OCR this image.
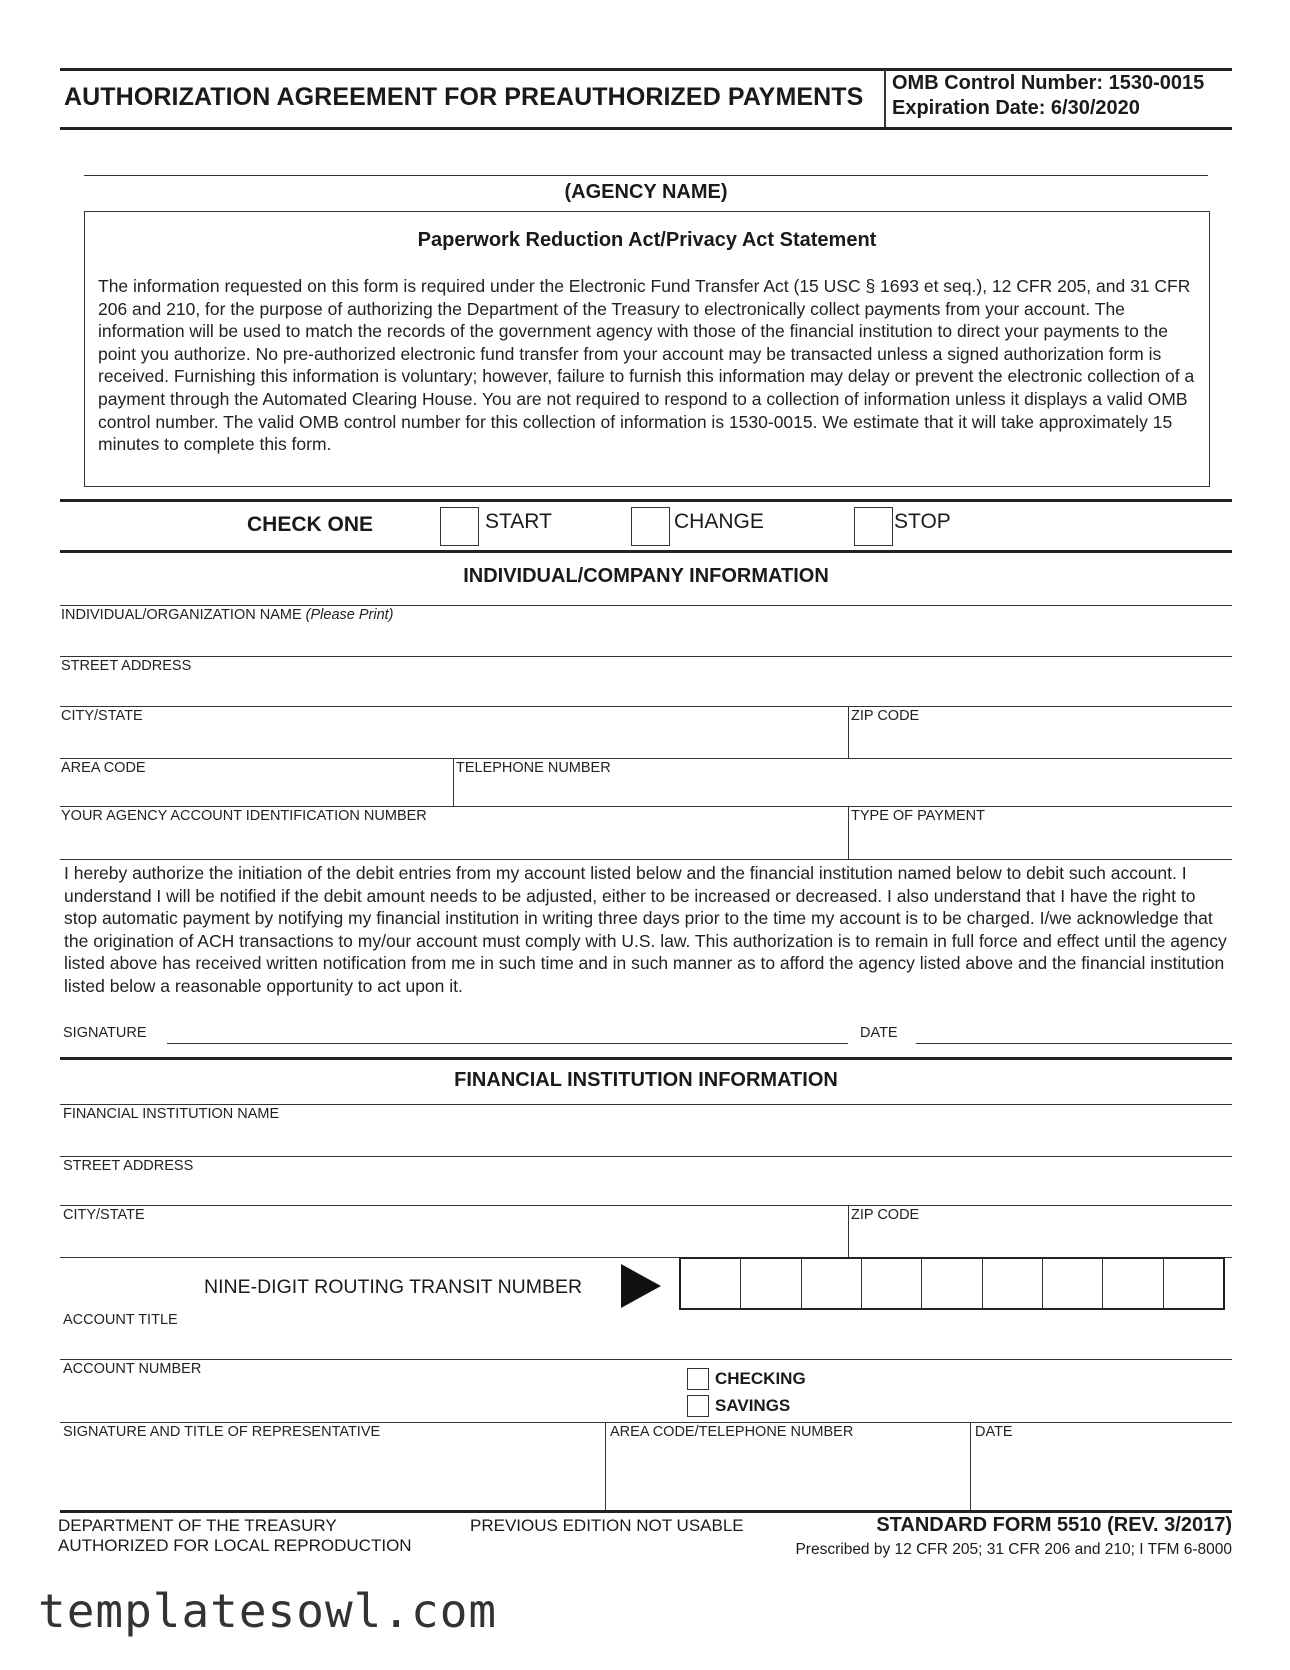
AUTHORIZATION AGREEMENT FOR PREAUTHORIZED PAYMENTS OMB Control Number: 1530-0015
Expiration Date: 6/30/2020
(AGENCY NAME)
Paperwork Reduction Act/Privacy Act Statement
The information requested on this form is required under the Electronic Fund Transfer Act (15 USC § 1693 et seq.), 12 CFR 205, and 31 CFR 206 and 210, for the purpose of authorizing the Department of the Treasury to electronically collect payments from your account. The information will be used to match the records of the government agency with those of the financial institution to direct your payments to the point you authorize. No pre-authorized electronic fund transfer from your account may be transacted unless a signed authorization form is received. Furnishing this information is voluntary; however, failure to furnish this information may delay or prevent the electronic collection of a payment through the Automated Clearing House. You are not required to respond to a collection of information unless it displays a valid OMB control number. The valid OMB control number for this collection of information is 1530-0015. We estimate that it will take approximately 15 minutes to complete this form.
CHECK ONE	START	CHANGE	STOP
INDIVIDUAL/COMPANY INFORMATION
INDIVIDUAL/ORGANIZATION NAME (Please Print)
STREET ADDRESS
CITY/STATE	ZIP CODE
AREA CODE	TELEPHONE NUMBER
YOUR AGENCY ACCOUNT IDENTIFICATION NUMBER	TYPE OF PAYMENT
I hereby authorize the initiation of the debit entries from my account listed below and the financial institution named below to debit such account. I understand I will be notified if the debit amount needs to be adjusted, either to be increased or decreased. I also understand that I have the right to stop automatic payment by notifying my financial institution in writing three days prior to the time my account is to be charged. I/we acknowledge that the origination of ACH transactions to my/our account must comply with U.S. law. This authorization is to remain in full force and effect until the agency listed above has received written notification from me in such time and in such manner as to afford the agency listed above and the financial institution listed below a reasonable opportunity to act upon it.
SIGNATURE	DATE
FINANCIAL INSTITUTION INFORMATION
FINANCIAL INSTITUTION NAME
STREET ADDRESS
CITY/STATE	ZIP CODE
NINE-DIGIT ROUTING TRANSIT NUMBER
ACCOUNT TITLE
ACCOUNT NUMBER	CHECKING
SAVINGS
SIGNATURE AND TITLE OF REPRESENTATIVE	AREA CODE/TELEPHONE NUMBER	DATE
DEPARTMENT OF THE TREASURY
AUTHORIZED FOR LOCAL REPRODUCTION
PREVIOUS EDITION NOT USABLE	STANDARD FORM 5510 (REV. 3/2017)
Prescribed by 12 CFR 205; 31 CFR 206 and 210; I TFM 6-8000
templatesowl.com
